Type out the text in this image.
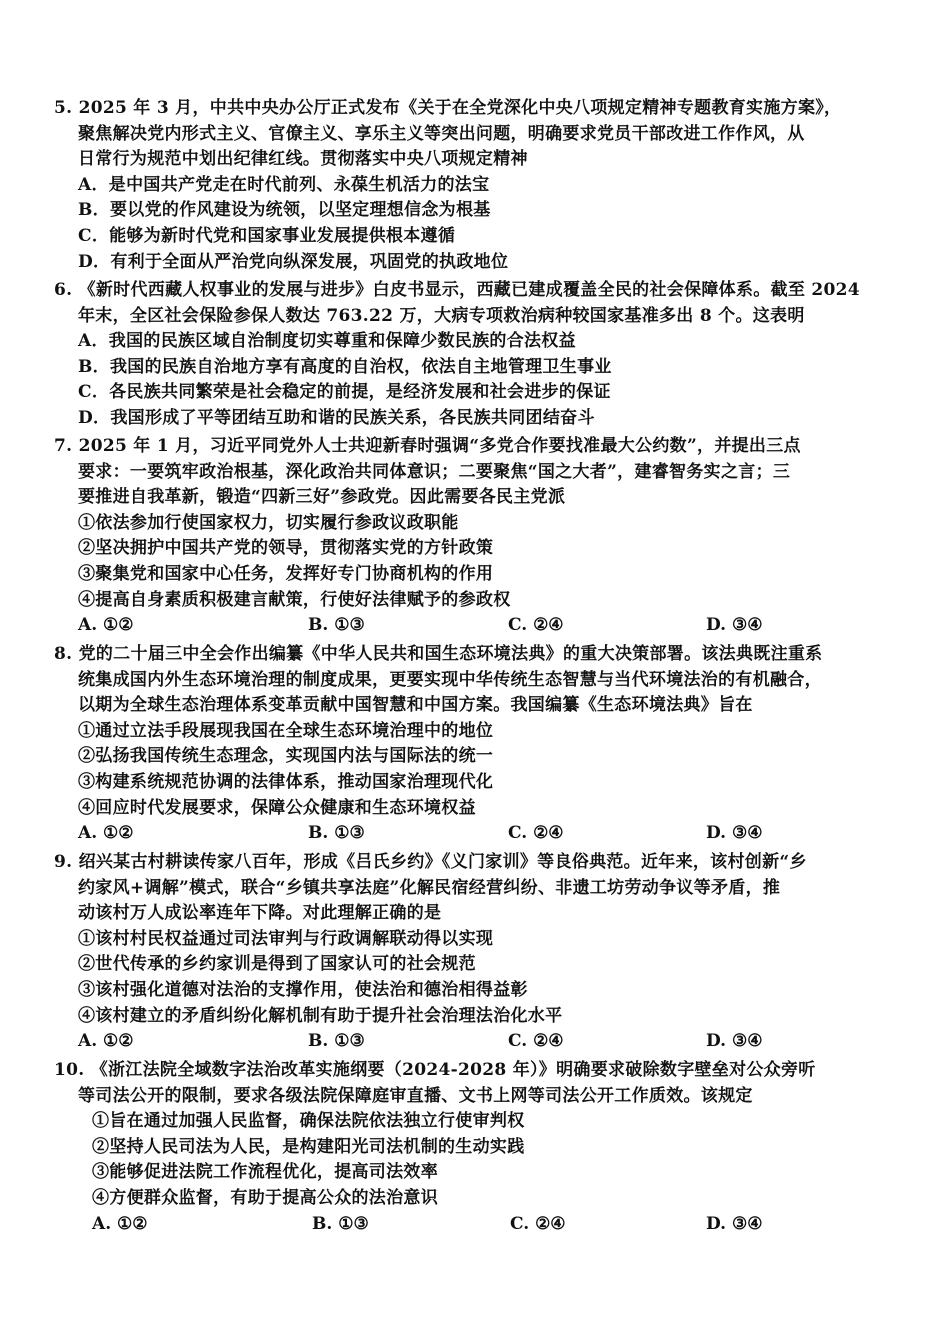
5. 2025 年 3 月，中共中央办公厅正式发布《关于在全党深化中央八项规定精神专题教育实施方案》，
聚焦解决党内形式主义、官僚主义、享乐主义等突出问题，明确要求党员干部改进工作作风，从
日常行为规范中划出纪律红线。贯彻落实中央八项规定精神
A．是中国共产党走在时代前列、永葆生机活力的法宝
B．要以党的作风建设为统领，以坚定理想信念为根基
C．能够为新时代党和国家事业发展提供根本遵循
D．有利于全面从严治党向纵深发展，巩固党的执政地位
6. 《新时代西藏人权事业的发展与进步》白皮书显示，西藏已建成覆盖全民的社会保障体系。截至 2024
年末，全区社会保险参保人数达 763.22 万，大病专项救治病种较国家基准多出 8 个。这表明
A．我国的民族区域自治制度切实尊重和保障少数民族的合法权益
B．我国的民族自治地方享有高度的自治权，依法自主地管理卫生事业
C．各民族共同繁荣是社会稳定的前提，是经济发展和社会进步的保证
D．我国形成了平等团结互助和谐的民族关系，各民族共同团结奋斗
7. 2025 年 1 月，习近平同党外人士共迎新春时强调“多党合作要找准最大公约数”，并提出三点
要求：一要筑牢政治根基，深化政治共同体意识；二要聚焦“国之大者”，建睿智务实之言；三
要推进自我革新，锻造“四新三好”参政党。因此需要各民主党派
①依法参加行使国家权力，切实履行参政议政职能
②坚决拥护中国共产党的领导，贯彻落实党的方针政策
③聚集党和国家中心任务，发挥好专门协商机构的作用
④提高自身素质积极建言献策，行使好法律赋予的参政权
A. ①②	B. ①③	C. ②④	D. ③④
8. 党的二十届三中全会作出编纂《中华人民共和国生态环境法典》的重大决策部署。该法典既注重系
统集成国内外生态环境治理的制度成果，更要实现中华传统生态智慧与当代环境法治的有机融合，
以期为全球生态治理体系变革贡献中国智慧和中国方案。我国编纂《生态环境法典》旨在
①通过立法手段展现我国在全球生态环境治理中的地位
②弘扬我国传统生态理念，实现国内法与国际法的统一
③构建系统规范协调的法律体系，推动国家治理现代化
④回应时代发展要求，保障公众健康和生态环境权益
A. ①②	B. ①③	C. ②④	D. ③④
9. 绍兴某古村耕读传家八百年，形成《吕氏乡约》《义门家训》等良俗典范。近年来，该村创新“乡
约家风+调解”模式，联合“乡镇共享法庭”化解民宿经营纠纷、非遗工坊劳动争议等矛盾，推
动该村万人成讼率连年下降。对此理解正确的是
①该村村民权益通过司法审判与行政调解联动得以实现
②世代传承的乡约家训是得到了国家认可的社会规范
③该村强化道德对法治的支撑作用，使法治和德治相得益彰
④该村建立的矛盾纠纷化解机制有助于提升社会治理法治化水平
A. ①②	B. ①③	C. ②④	D. ③④
10. 《浙江法院全域数字法治改革实施纲要（2024-2028 年）》明确要求破除数字壁垒对公众旁听
等司法公开的限制，要求各级法院保障庭审直播、文书上网等司法公开工作质效。该规定
①旨在通过加强人民监督，确保法院依法独立行使审判权
②坚持人民司法为人民，是构建阳光司法机制的生动实践
③能够促进法院工作流程优化，提高司法效率
④方便群众监督，有助于提高公众的法治意识
A. ①②	B. ①③	C. ②④	D. ③④
